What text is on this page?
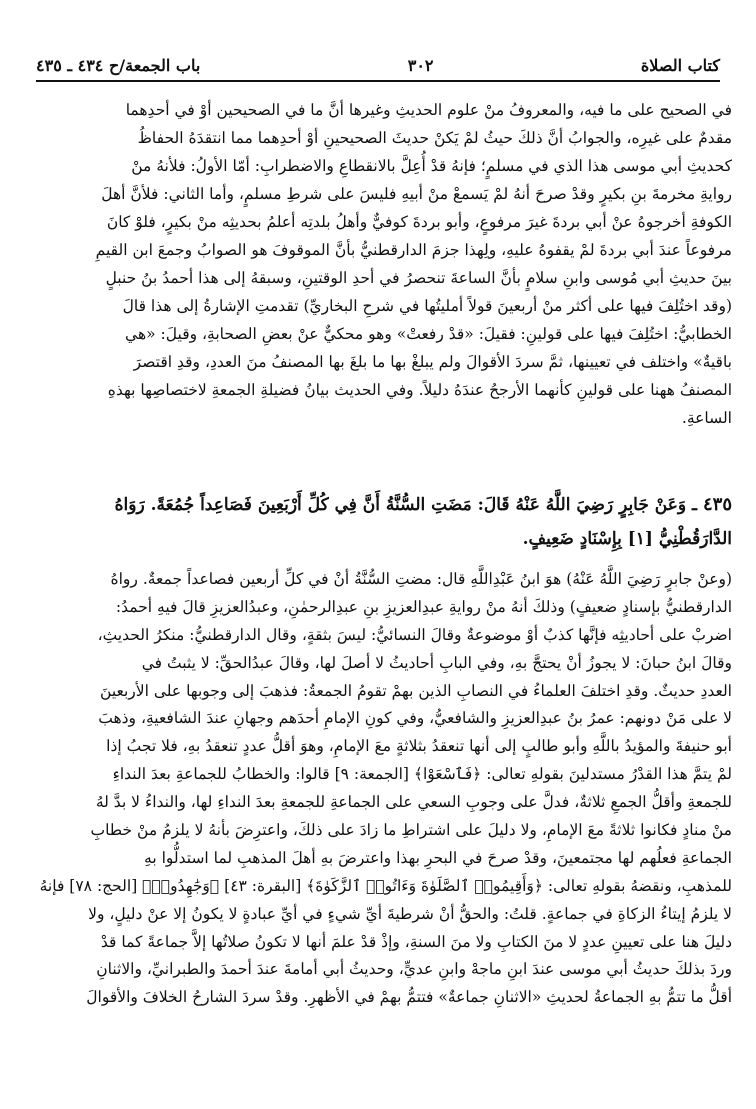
كتاب الصلاة
٣٠٢
باب الجمعة/ح ٤٣٤ ـ ٤٣٥
في الصحيح على ما فيه، والمعروفُ منْ علوم الحديثِ وغيرها أنَّ ما في الصحيحين أوْ في أحدِهما
مقدمٌ على غيرِه، والجوابُ أنَّ ذلكَ حيثُ لمْ يَكنْ حديثَ الصحيحينِ أوْ أحدِهما مما انتقدَهُ الحفاظُ
كحديثِ أبي موسى هذا الذي في مسلمٍ؛ فإنهُ قدْ أُعِلَّ بالانقطاعِ والاضطرابِ: أمّا الأولُ: فلأنهُ منْ
روايةِ مخرمةَ بنِ بكيرٍ وقدْ صرحَ أنهُ لمْ يَسمعْ منْ أبيهِ فليسَ على شرطِ مسلمٍ، وأما الثاني: فلأنَّ أهلَ
الكوفةِ أخرجوهُ عنْ أبي بردةَ غيرَ مرفوعٍ، وأبو بردةَ كوفيٌّ وأهلُ بلدتِه أعلمُ بحديثِه منْ بكيرٍ، فلوْ كانَ
مرفوعاً عندَ أبي بردةَ لمْ يقفوهُ عليهِ، ولِهذا جزمَ الدارقطنيُّ بأنَّ الموقوفَ هو الصوابُ وجمعَ ابن القيمِ
بينَ حديثِ أبي مُوسى وابنِ سلامٍ بأنَّ الساعةَ تنحصرُ في أحدِ الوقتينِ، وسبقهُ إلى هذا أحمدُ بنُ حنبلٍ
(وقد اختُلِفَ فيها على أكثر منْ أربعينَ قولاً أمليتُها في شرحِ البخاريِّ) تقدمتِ الإشارةُ إلى هذا قالَ
الخطابيُّ: اختُلِفَ فيها على قولينِ: فقيلَ: «قدْ رفعتْ» وهو محكيٌّ عنْ بعضِ الصحابةِ، وقيلَ: «هي
باقيةٌ» واختلف في تعيينها، ثمَّ سردَ الأقوالَ ولم يبلغْ بها ما بلغَ بها المصنفُ منَ العددِ، وقدِ اقتصرَ
المصنفُ ههنا على قولينِ كأنهما الأرجحُ عندَهُ دليلاً. وفي الحديث بيانُ فضيلةِ الجمعةِ لاختصاصِها بهذهِ
الساعةِ.
٤٣٥ـ وَعَنْ جَابِرٍ رَضِيَ اللَّهُ عَنْهُ قَالَ: مَضَتِ السُّنَّةُ أَنَّ فِي كُلِّ أَرْبَعِينَ فَصَاعِداً جُمُعَةً. رَوَاهُ
الدَّارَقُطْنِيُّ [١] بِإِسْنَادٍ ضَعِيفٍ.
(وعنْ جابرٍ رَضِيَ اللَّهُ عَنْهُ) هوَ ابنُ عَبْدِاللَّهِ قال: مضتِ السُّنَّةُ أنْ في كلِّ أربعين فصاعداً جمعةٌ. رواهُ
الدارقطنيُّ بإسنادٍ ضعيفٍ) وذلكَ أنهُ منْ روايةِ عبدِالعزيزِ بنِ عبدِالرحمٰنِ، وعبدُالعزيزِ قالَ فيهِ أحمدُ:
اضربْ على أحاديثِه فإنَّها كذبٌ أوْ موضوعةٌ وقالَ النسائيُّ: ليسَ بثقةٍ، وقال الدارقطنيُّ: منكرُ الحديثِ،
وقالَ ابنُ حبانَ: لا يجوزُ أنْ يحتجَّ بهِ، وفي البابِ أحاديثُ لا أصلَ لها، وقالَ عبدُالحقِّ: لا يثبتُ في
العددِ حديثٌ. وقدِ اختلفَ العلماءُ في النصابِ الذين بهمْ تقومُ الجمعةُ: فذهبَ إلى وجوبها على الأربعينَ
لا على مَنْ دونهم: عمرُ بنُ عبدِالعزيزِ والشافعيُّ، وفي كونِ الإمامِ أحدَهم وجهانِ عندَ الشافعيةِ، وذهبَ
أبو حنيفةَ والمؤيدُ باللَّهِ وأبو طالبٍ إلى أنها تنعقدُ بثلاثةٍ معَ الإمامِ، وهوَ أقلُّ عددٍ تنعقدُ بهِ، فلا تجبُ إذا
لمْ يتمَّ هذا القدْرُ مستدلينَ بقولهِ تعالى: ﴿فَٱسْعَوْا﴾ [الجمعة: ٩] قالوا: والخطابُ للجماعةِ بعدَ النداءِ
للجمعةِ وأقلُّ الجمعِ ثلاثةٌ، فدلَّ على وجوبِ السعي على الجماعةِ للجمعةِ بعدَ النداءِ لها، والنداءُ لا بدَّ لهُ
منْ منادٍ فكانوا ثلاثةً معَ الإمامِ، ولا دليلَ على اشتراطِ ما زادَ على ذلكَ، واعترِضَ بأنهُ لا يلزمُ منْ خطابِ
الجماعةِ فعلُهم لها مجتمعينَ، وقدْ صرحَ في البحرِ بهذا واعترضَ بهِ أهلَ المذهبِ لما استدلُّوا بهِ
للمذهبِ، ونقضهُ بقولهِ تعالى: ﴿وَأَقِيمُوا۟ ٱلصَّلَوٰةَ وَءَاتُوا۟ ٱلزَّكَوٰةَ﴾ [البقرة: ٤٣] ﴿وَجَٰهِدُوا۟﴾ [الحج: ٧٨] فإنهُ
لا يلزمُ إيتاءُ الزكاةِ في جماعةٍ. قلتُ: والحقُّ أنْ شرطيةَ أيِّ شيءٍ في أيِّ عبادةٍ لا يكونُ إلا عنْ دليلٍ، ولا
دليلَ هنا على تعيينِ عددٍ لا منَ الكتابِ ولا منَ السنةِ، وإذْ قدْ علمَ أنها لا تكونُ صلاتُها إلاَّ جماعةً كما قدْ
وردَ بذلكَ حديثُ أبي موسى عندَ ابنِ ماجهْ وابنِ عديٍّ، وحديثُ أبي أمامةَ عندَ أحمدَ والطبرانيِّ، والاثنانِ
أقلُّ ما تتمُّ بهِ الجماعةُ لحديثِ «الاثنانِ جماعةٌ» فتتمُّ بهمْ في الأظهرِ. وقدْ سردَ الشارحُ الخلافَ والأقوالَ
